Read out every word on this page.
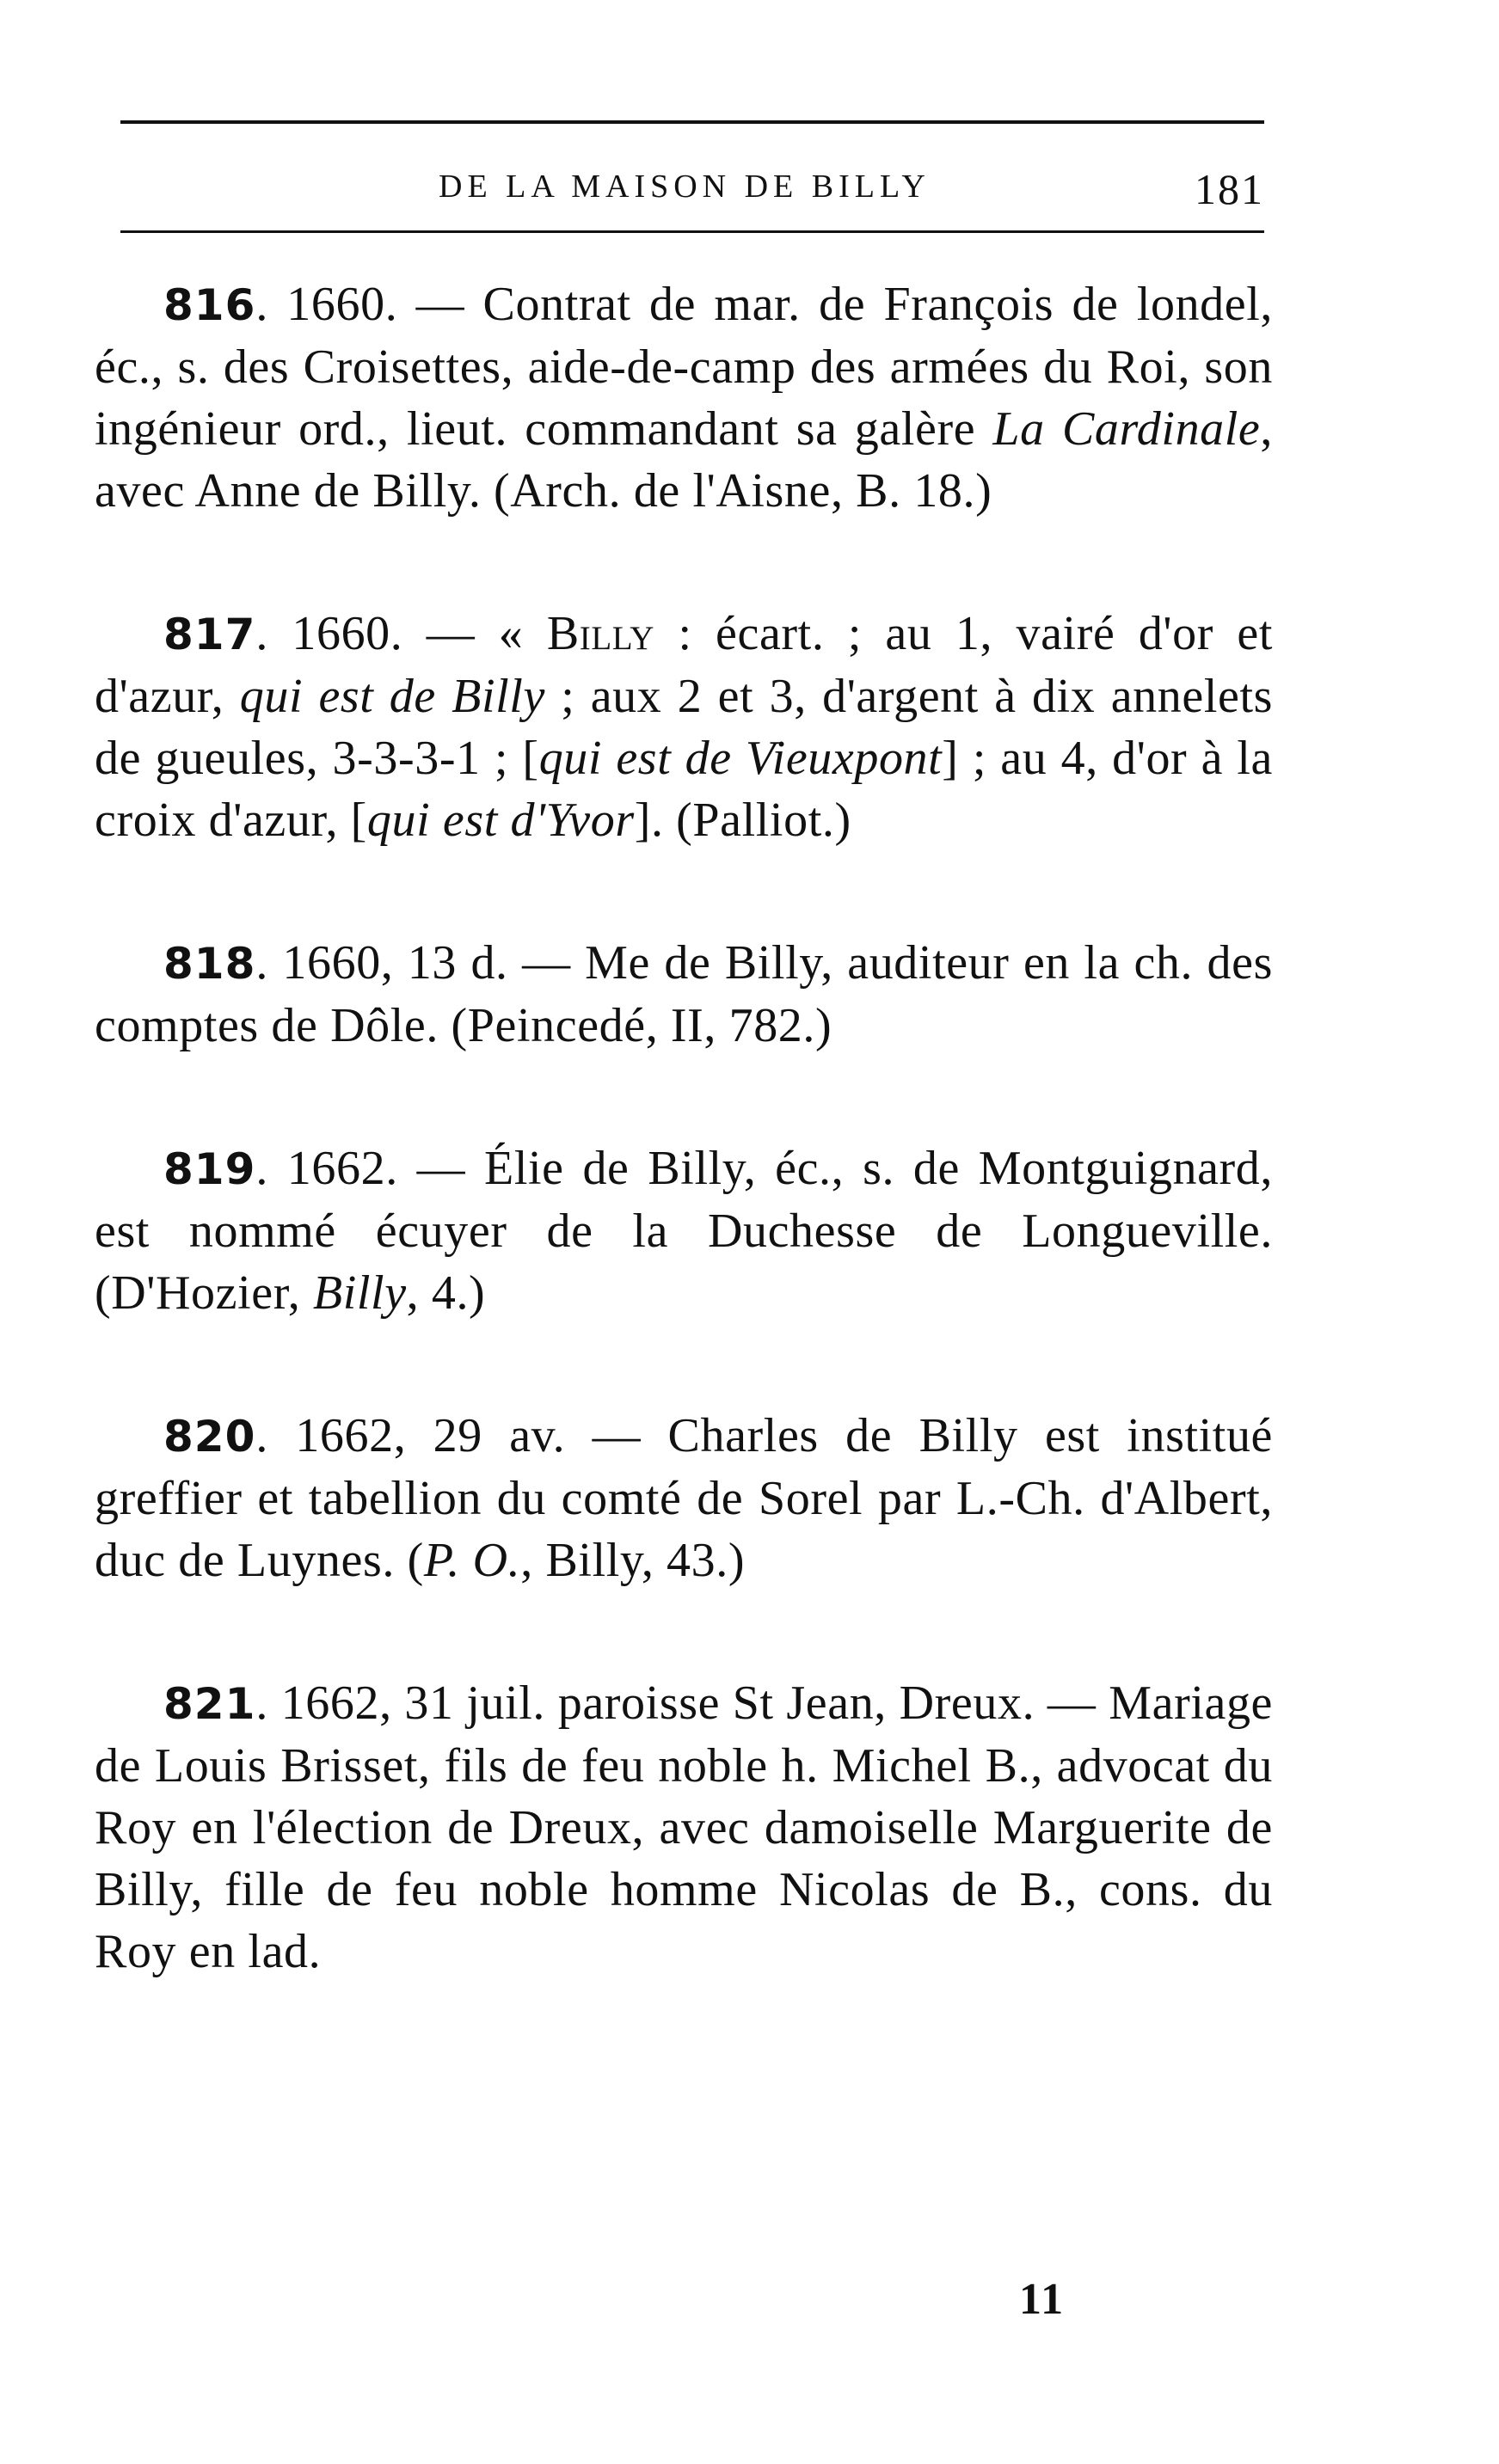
DE LA MAISON DE BILLY	181

816. 1660. — Contrat de mar. de François de londel, éc., s. des Croisettes, aide-de-camp des armées du Roi, son ingénieur ord., lieut. commandant sa galère La Cardinale, avec Anne de Billy. (Arch. de l'Aisne, B. 18.)

817. 1660. — « Billy : écart. ; au 1, vairé d'or et d'azur, qui est de Billy ; aux 2 et 3, d'argent à dix annelets de gueules, 3-3-3-1 ; [qui est de Vieuxpont] ; au 4, d'or à la croix d'azur, [qui est d'Yvor]. (Palliot.)

818. 1660, 13 d. — Me de Billy, auditeur en la ch. des comptes de Dôle. (Peincedé, II, 782.)

819. 1662. — Élie de Billy, éc., s. de Montguignard, est nommé écuyer de la Duchesse de Longueville. (D'Hozier, Billy, 4.)

820. 1662, 29 av. — Charles de Billy est institué greffier et tabellion du comté de Sorel par L.-Ch. d'Albert, duc de Luynes. (P. O., Billy, 43.)

821. 1662, 31 juil. paroisse St Jean, Dreux. — Mariage de Louis Brisset, fils de feu noble h. Michel B., advocat du Roy en l'élection de Dreux, avec damoiselle Marguerite de Billy, fille de feu noble homme Nicolas de B., cons. du Roy en lad.

11
